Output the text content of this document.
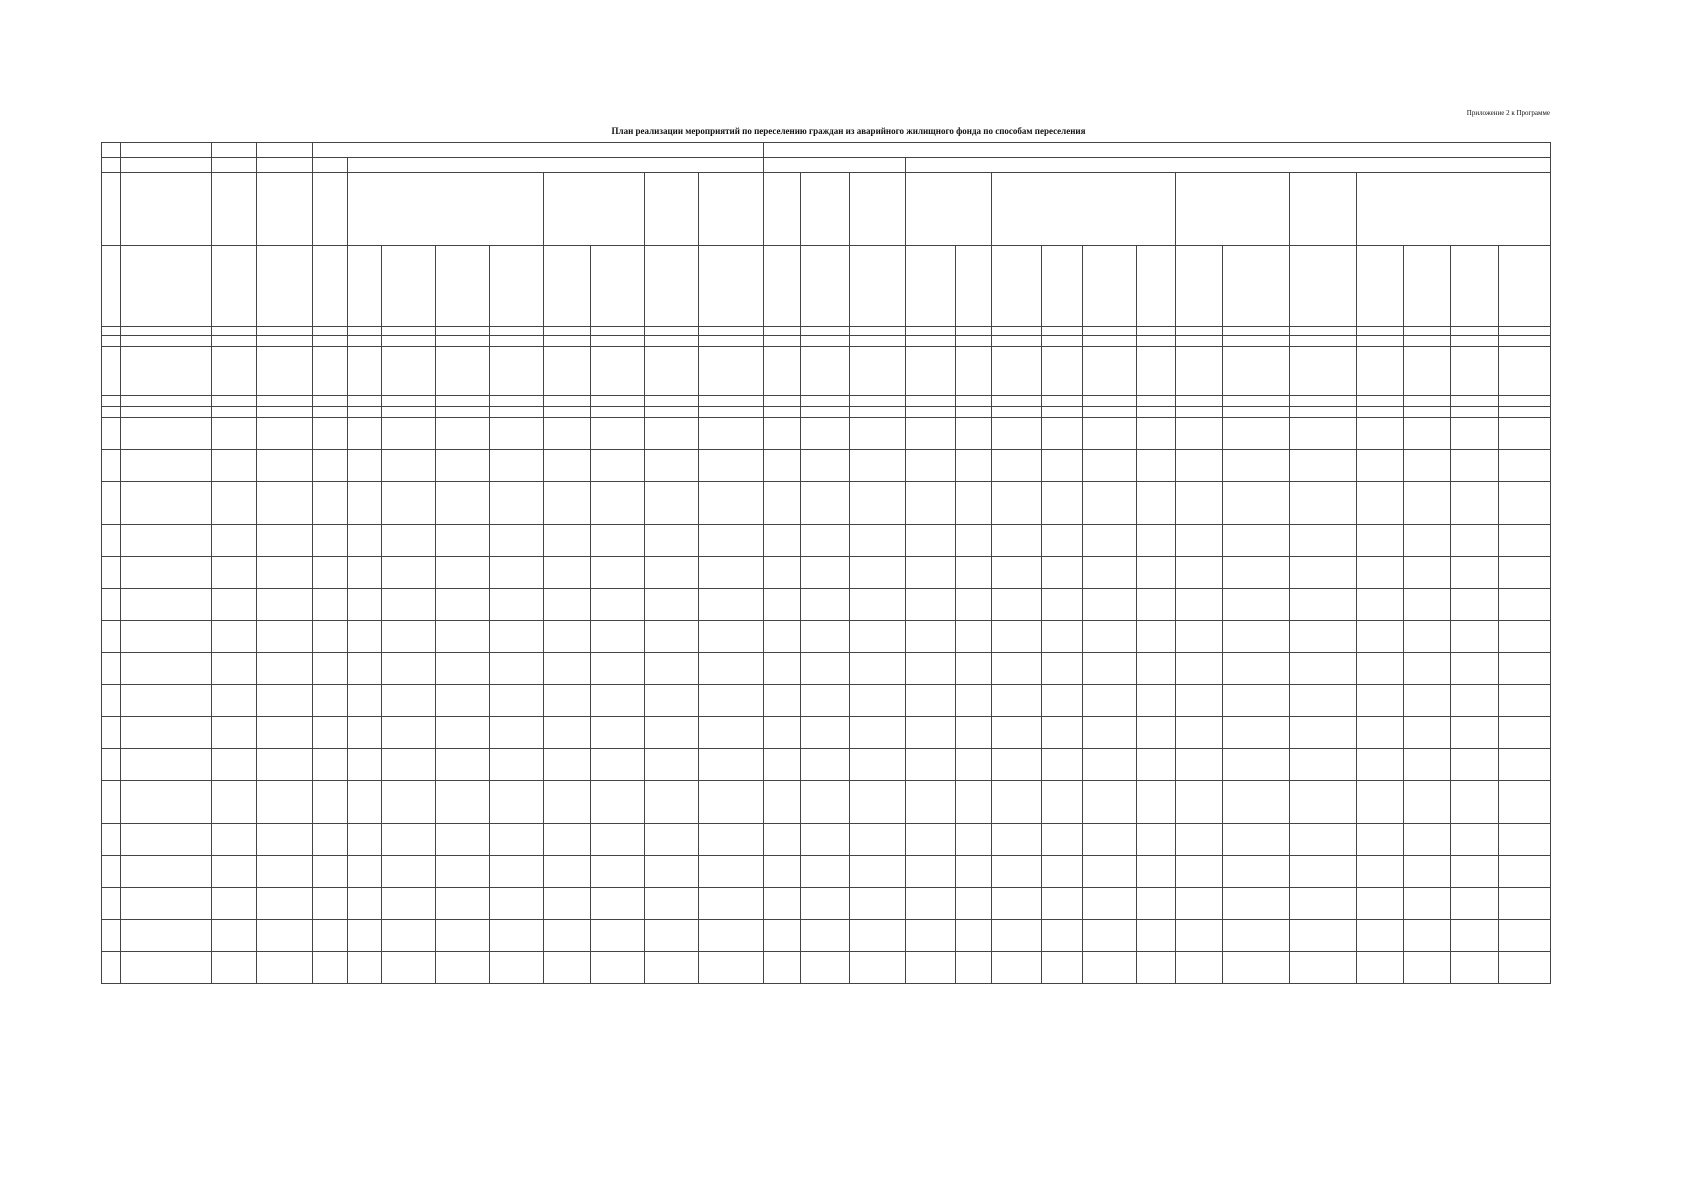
Приложение 2 к Программе
План реализации мероприятий по переселению граждан из аварийного жилищного фонда по способам переселения
